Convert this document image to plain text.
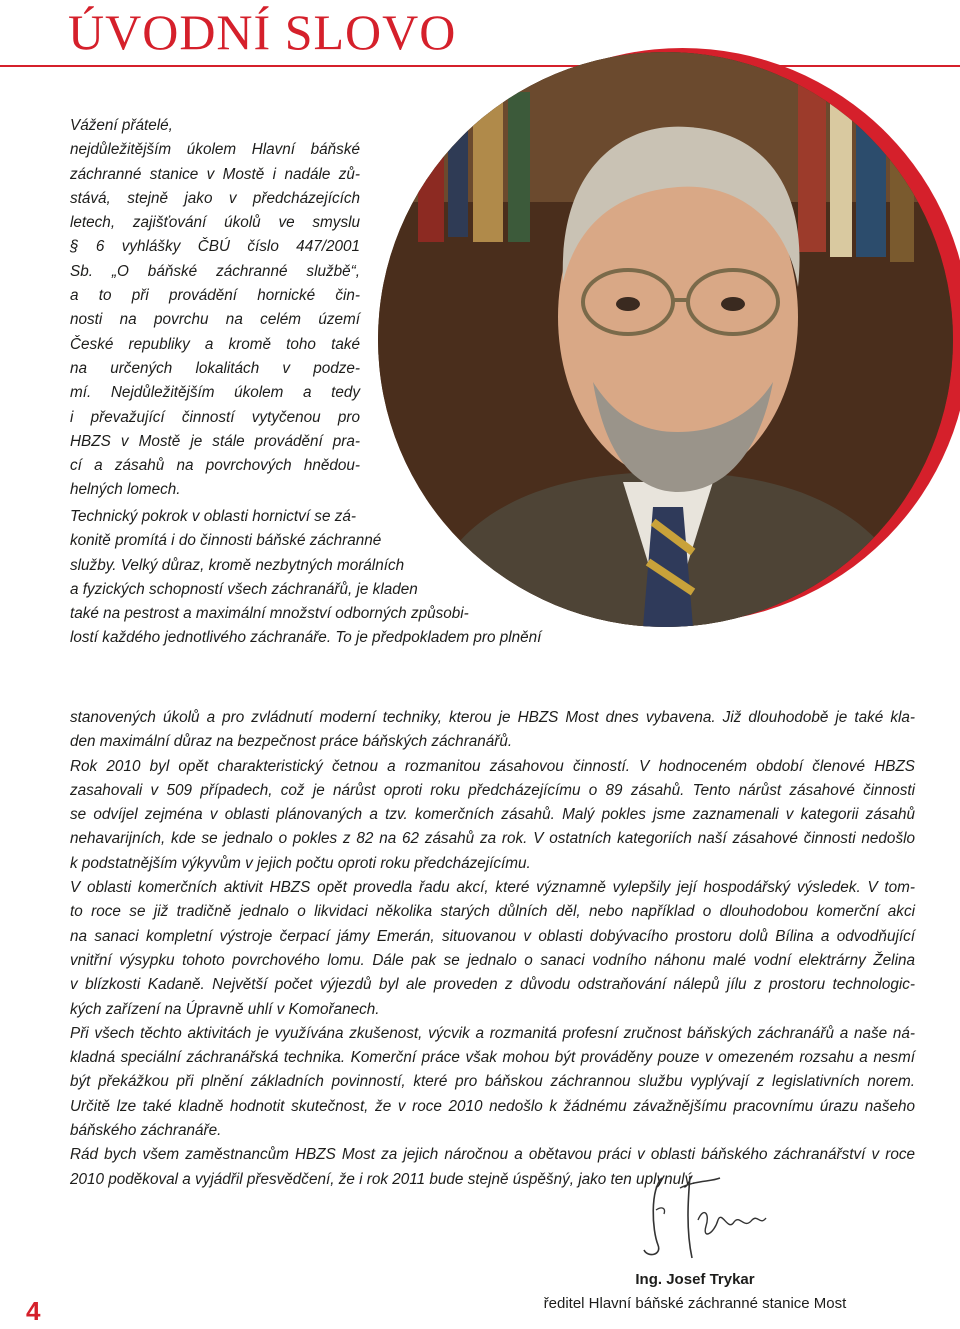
ÚVODNÍ SLOVO

Vážení přátelé,
nejdůležitějším úkolem Hlavní báňské
záchranné stanice v Mostě i nadále zů-
stává, stejně jako v předcházejících
letech, zajišťování úkolů ve smyslu
§ 6 vyhlášky ČBÚ číslo 447/2001
Sb. „O báňské záchranné službě“,
a to při provádění hornické čin-
nosti na povrchu na celém území
České republiky a kromě toho také
na určených lokalitách v podze-
mí. Nejdůležitějším úkolem a tedy
i převažující činností vytyčenou pro
HBZS v Mostě je stále provádění pra-
cí a zásahů na povrchových hnědou-
helných lomech.

Technický pokrok v oblasti hornictví se zá-
konitě promítá i do činnosti báňské záchranné
služby. Velký důraz, kromě nezbytných morálních
a fyzických schopností všech záchranářů, je kladen
také na pestrost a maximální množství odborných způsobi-
lostí každého jednotlivého záchranáře. To je předpokladem pro plnění

stanovených úkolů a pro zvládnutí moderní techniky, kterou je HBZS Most dnes vybavena. Již dlouhodobě je také kla-
den maximální důraz na bezpečnost práce báňských záchranářů.
Rok 2010 byl opět charakteristický četnou a rozmanitou zásahovou činností. V hodnoceném období členové HBZS
zasahovali v 509 případech, což je nárůst oproti roku předcházejícímu o 89 zásahů. Tento nárůst zásahové činnosti
se odvíjel zejména v oblasti plánovaných a tzv. komerčních zásahů. Malý pokles jsme zaznamenali v kategorii zásahů
nehavarijních, kde se jednalo o pokles z 82 na 62 zásahů za rok. V ostatních kategoriích naší zásahové činnosti nedošlo
k podstatnějším výkyvům v jejich počtu oproti roku předcházejícímu.
V oblasti komerčních aktivit HBZS opět provedla řadu akcí, které významně vylepšily její hospodářský výsledek. V tom-
to roce se již tradičně jednalo o likvidaci několika starých důlních děl, nebo například o dlouhodobou komerční akci
na sanaci kompletní výstroje čerpací jámy Emerán, situovanou v oblasti dobývacího prostoru dolů Bílina a odvodňující
vnitřní výsypku tohoto povrchového lomu. Dále pak se jednalo o sanaci vodního náhonu malé vodní elektrárny Želina
v blízkosti Kadaně. Největší počet výjezdů byl ale proveden z důvodu odstraňování nálepů jílu z prostoru technologic-
kých zařízení na Úpravně uhlí v Komořanech.
Při všech těchto aktivitách je využívána zkušenost, výcvik a rozmanitá profesní zručnost báňských záchranářů a naše ná-
kladná speciální záchranářská technika. Komerční práce však mohou být prováděny pouze v omezeném rozsahu a nesmí
být překážkou při plnění základních povinností, které pro báňskou záchrannou službu vyplývají z legislativních norem.
Určitě lze také kladně hodnotit skutečnost, že v roce 2010 nedošlo k žádnému závažnějšímu pracovnímu úrazu našeho
báňského záchranáře.
Rád bych všem zaměstnancům HBZS Most za jejich náročnou a obětavou práci v oblasti báňského záchranářství v roce
2010 poděkoval a vyjádřil přesvědčení, že i rok 2011 bude stejně úspěšný, jako ten uplynulý.

Ing. Josef Trykar

ředitel Hlavní báňské záchranné stanice Most

4
